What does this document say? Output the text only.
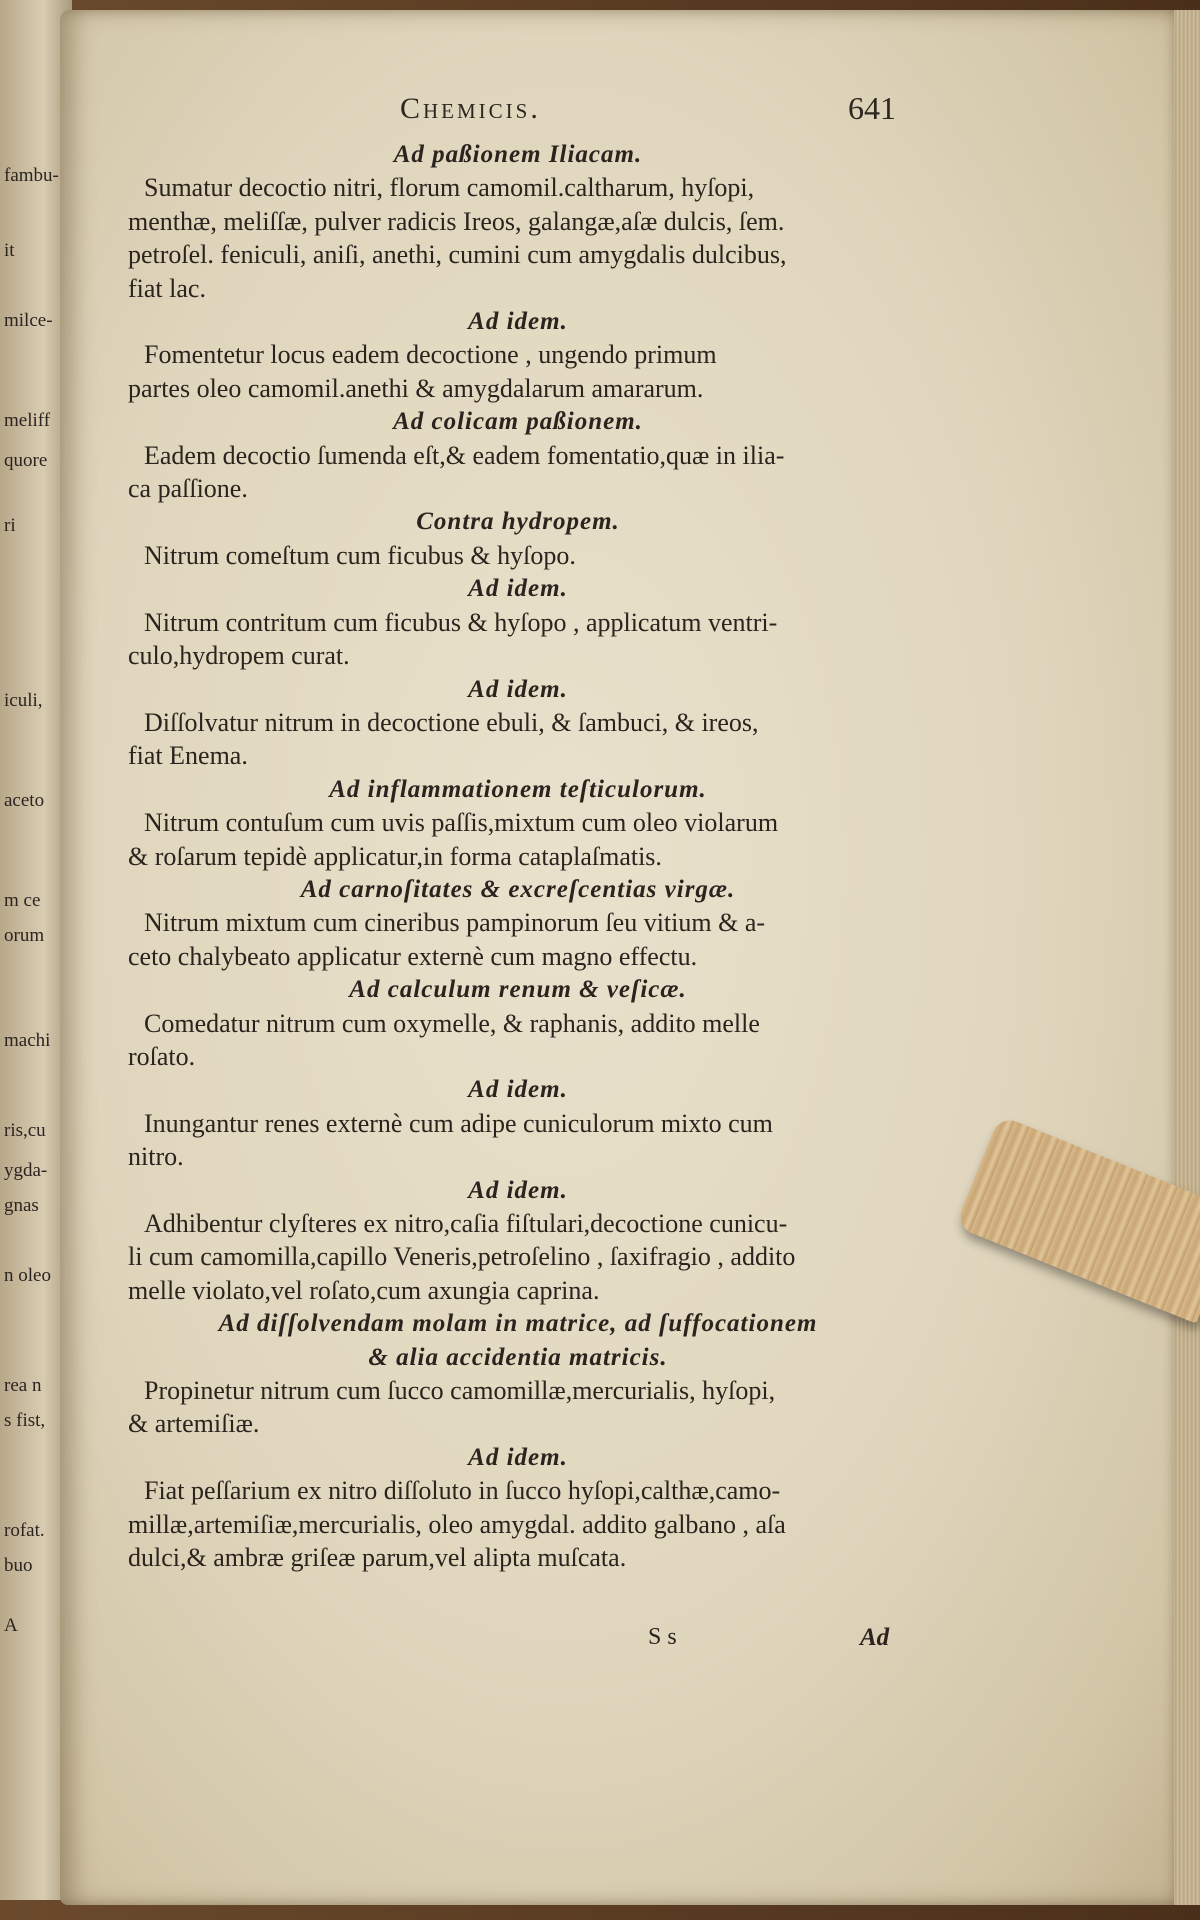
fambu-
it
milce-
meliff
quore
ri
iculi,
aceto
m ce
orum
machi
ris,cu
ygda-
gnas
n oleo
rea n
s fist,
rofat.
buo
A
Chemicis.	641

Ad paßionem Iliacam.

Sumatur decoctio nitri, florum camomil.caltharum, hyſopi,
menthæ, meliſſæ, pulver radicis Ireos, galangæ,aſæ dulcis, ſem.
petroſel. feniculi, aniſi, anethi, cumini cum amygdalis dulcibus,
fiat lac.

Ad idem.

Fomentetur locus eadem decoctione , ungendo primum
partes oleo camomil.anethi & amygdalarum amararum.

Ad colicam paßionem.

Eadem decoctio ſumenda eſt,& eadem fomentatio,quæ in ilia-
ca paſſione.

Contra hydropem.

Nitrum comeſtum cum ficubus & hyſopo.

Ad idem.

Nitrum contritum cum ficubus & hyſopo , applicatum ventri-
culo,hydropem curat.

Ad idem.

Diſſolvatur nitrum in decoctione ebuli, & ſambuci, & ireos,
fiat Enema.

Ad inflammationem teſticulorum.

Nitrum contuſum cum uvis paſſis,mixtum cum oleo violarum
& roſarum tepidè applicatur,in forma cataplaſmatis.

Ad carnoſitates & excreſcentias virgæ.

Nitrum mixtum cum cineribus pampinorum ſeu vitium & a-
ceto chalybeato applicatur externè cum magno effectu.

Ad calculum renum & veſicæ.

Comedatur nitrum cum oxymelle, & raphanis, addito melle
roſato.

Ad idem.

Inungantur renes externè cum adipe cuniculorum mixto cum
nitro.

Ad idem.

Adhibentur clyſteres ex nitro,caſia fiſtulari,decoctione cunicu-
li cum camomilla,capillo Veneris,petroſelino , ſaxifragio , addito
melle violato,vel roſato,cum axungia caprina.

Ad diſſolvendam molam in matrice, ad ſuffocationem
& alia accidentia matricis.

Propinetur nitrum cum ſucco camomillæ,mercurialis, hyſopi,
& artemiſiæ.

Ad idem.

Fiat peſſarium ex nitro diſſoluto in ſucco hyſopi,calthæ,camo-
millæ,artemiſiæ,mercurialis, oleo amygdal. addito galbano , aſa
dulci,& ambræ griſeæ parum,vel alipta muſcata.

S s	Ad
